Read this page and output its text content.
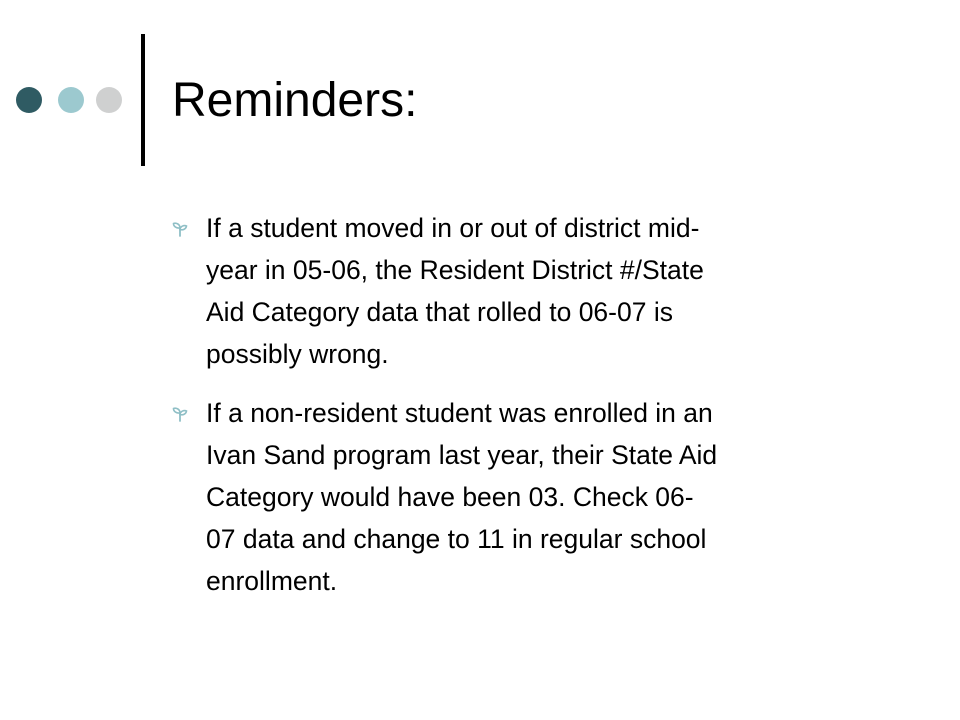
Reminders:
If a student moved in or out of district mid-
year in 05-06, the Resident District #/State
Aid Category data that rolled to 06-07 is
possibly wrong.
If a non-resident student was enrolled in an
Ivan Sand program last year, their State Aid
Category would have been 03. Check 06-
07 data and change to 11 in regular school
enrollment.
